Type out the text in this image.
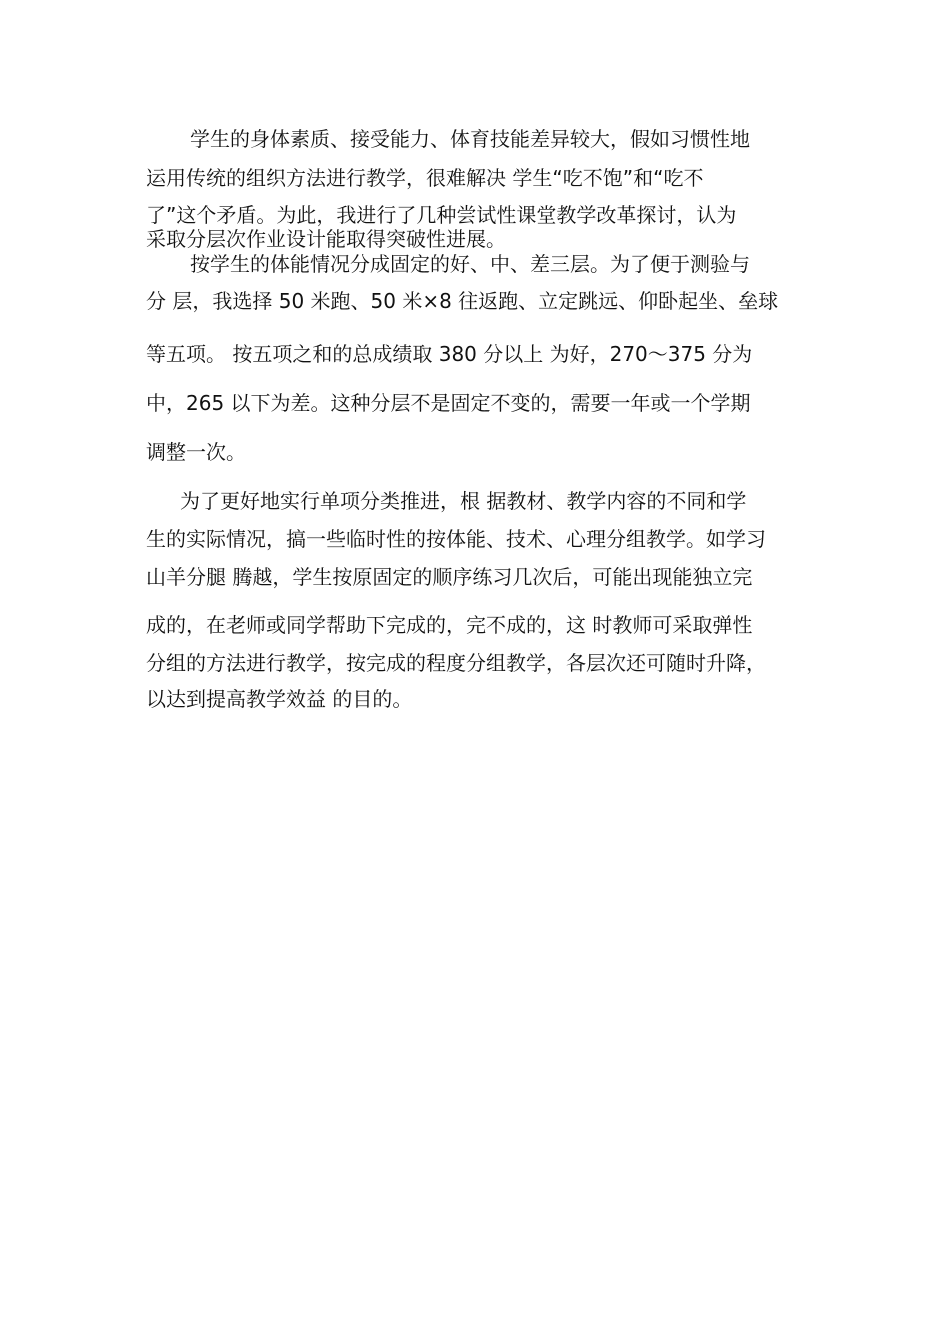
学生的身体素质、接受能力、体育技能差异较大，假如习惯性地
运用传统的组织方法进行教学，很难解决 学生“吃不饱”和“吃不
了”这个矛盾。为此，我进行了几种尝试性课堂教学改革探讨，认为
采取分层次作业设计能取得突破性进展。
按学生的体能情况分成固定的好、中、差三层。为了便于测验与
分 层，我选择 50 米跑、50 米×8 往返跑、立定跳远、仰卧起坐、垒球
等五项。 按五项之和的总成绩取 380 分以上 为好，270～375 分为
中，265 以下为差。这种分层不是固定不变的，需要一年或一个学期
调整一次。
为了更好地实行单项分类推进，根 据教材、教学内容的不同和学
生的实际情况，搞一些临时性的按体能、技术、心理分组教学。如学习
山羊分腿 腾越，学生按原固定的顺序练习几次后，可能出现能独立完
成的，在老师或同学帮助下完成的，完不成的，这 时教师可采取弹性
分组的方法进行教学，按完成的程度分组教学，各层次还可随时升降，
以达到提高教学效益 的目的。
